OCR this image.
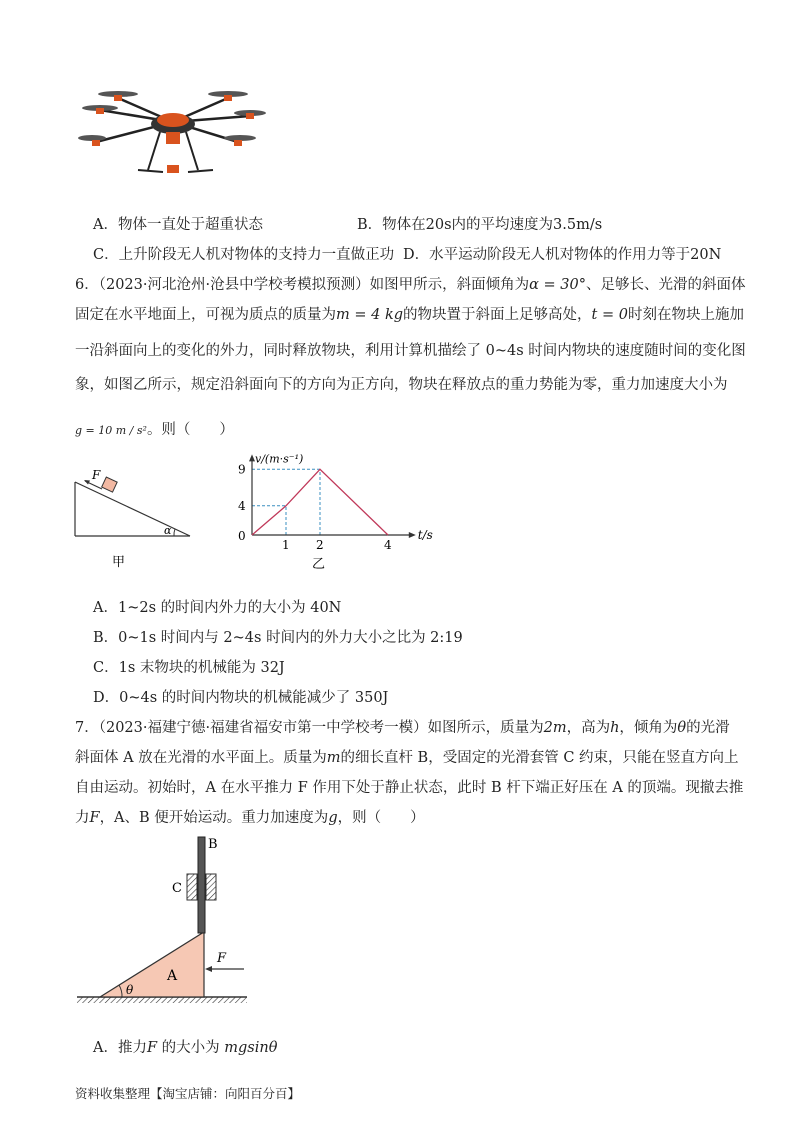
A．物体一直处于超重状态	B．物体在20s内的平均速度为3.5m/s
C．上升阶段无人机对物体的支持力一直做正功 D．水平运动阶段无人机对物体的作用力等于20N
6．（2023·河北沧州·沧县中学校考模拟预测）如图甲所示，斜面倾角为α = 30°、足够长、光滑的斜面体
固定在水平地面上，可视为质点的质量为m = 4 kg的物块置于斜面上足够高处，t = 0时刻在物块上施加
一沿斜面向上的变化的外力，同时释放物块，利用计算机描绘了 0~4s 时间内物块的速度随时间的变化图
象，如图乙所示，规定沿斜面向下的方向为正方向，物块在释放点的重力势能为零，重力加速度大小为
g = 10 m / s²。则（　　）
F
α
甲
1 2	4
4
9
0	t/s
v/(m·s⁻¹)
乙
A．1~2s 的时间内外力的大小为 40N
B．0~1s 时间内与 2~4s 时间内的外力大小之比为 2:19
C．1s 末物块的机械能为 32J
D．0~4s 的时间内物块的机械能减少了 350J
7．（2023·福建宁德·福建省福安市第一中学校考一模）如图所示，质量为2m，高为h，倾角为θ的光滑
斜面体 A 放在光滑的水平面上。质量为m的细长直杆 B，受固定的光滑套管 C 约束，只能在竖直方向上
自由运动。初始时，A 在水平推力 F 作用下处于静止状态，此时 B 杆下端正好压在 A 的顶端。现撤去推
力F，A、B 便开始运动。重力加速度为g，则（　　）
A
θ
B
C
F
A．推力F 的大小为 mgsinθ
资料收集整理【淘宝店铺：向阳百分百】
